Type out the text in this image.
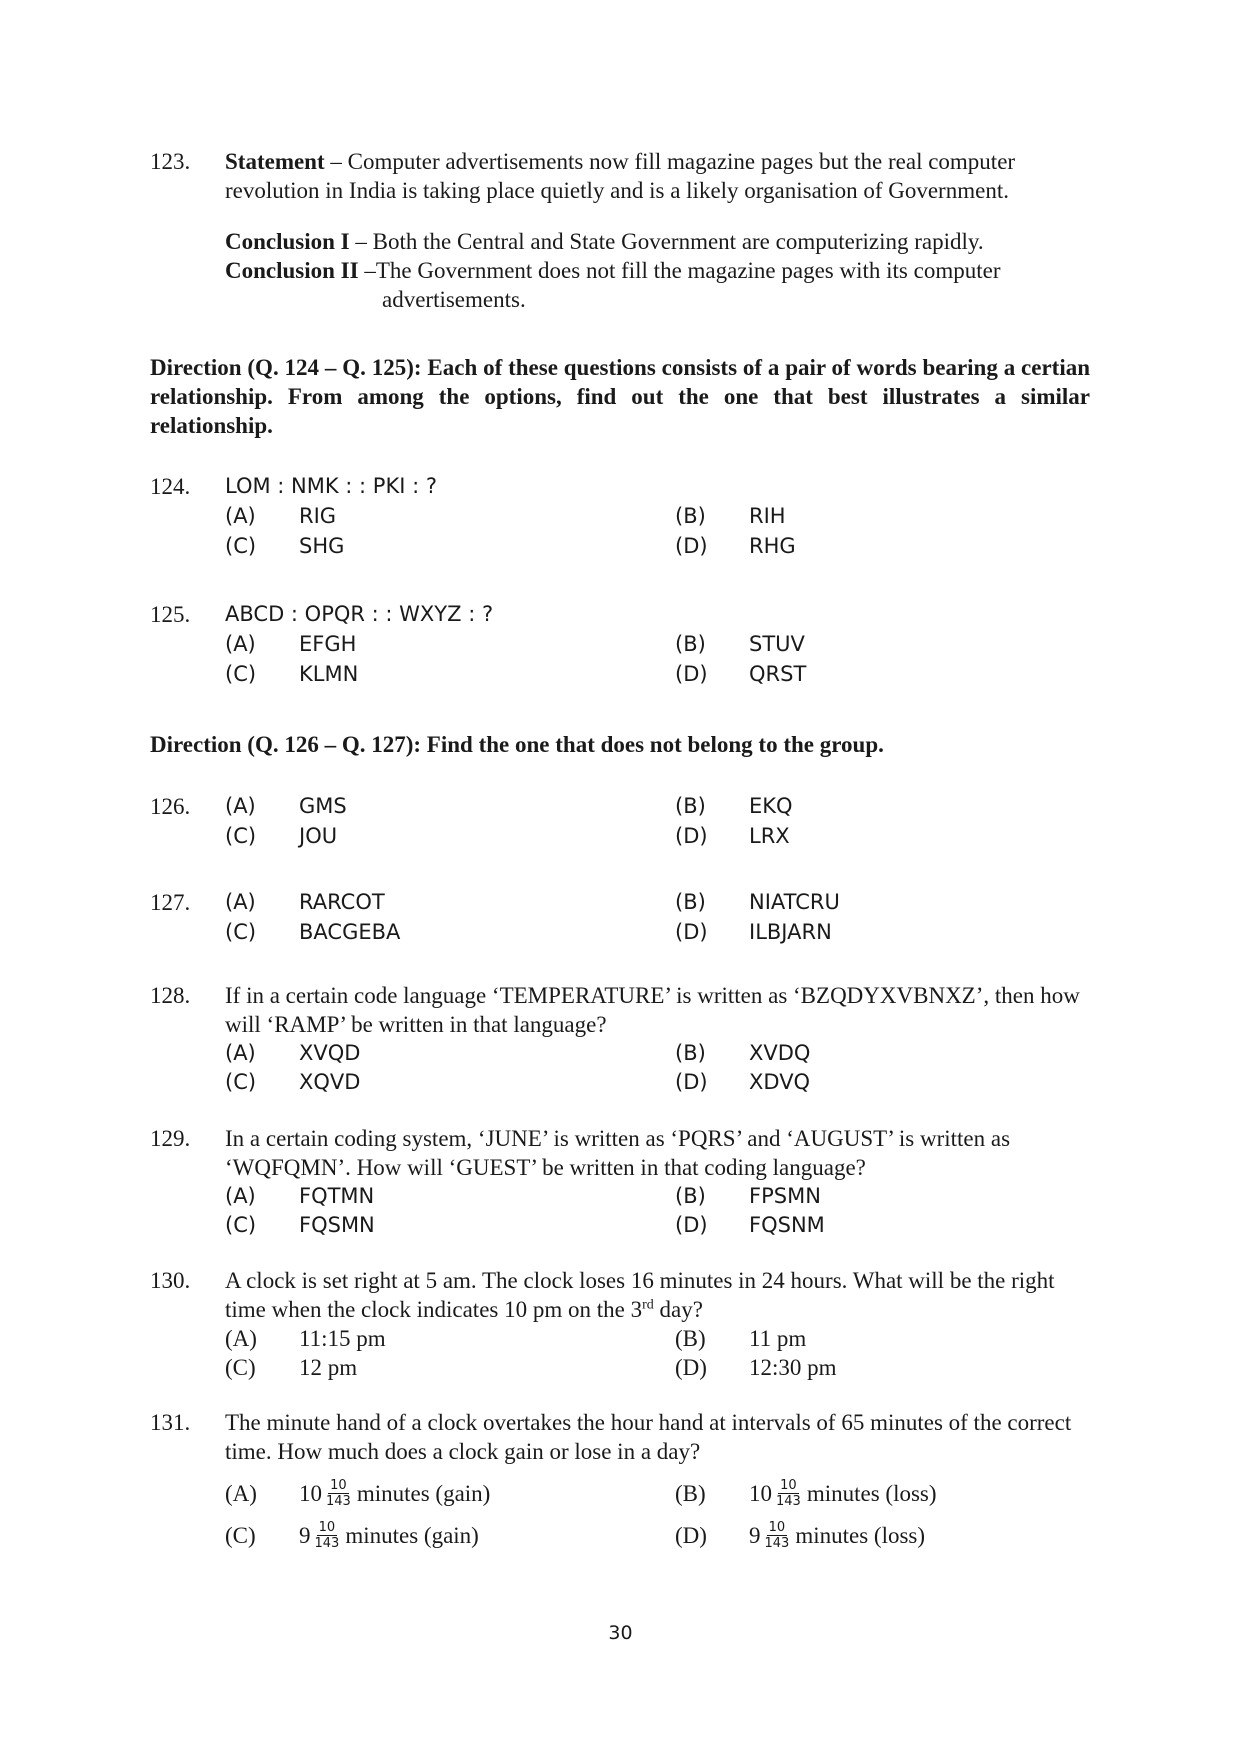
123. Statement – Computer advertisements now fill magazine pages but the real computer revolution in India is taking place quietly and is a likely organisation of Government.
Conclusion I – Both the Central and State Government are computerizing rapidly.
Conclusion II –The Government does not fill the magazine pages with its computer
advertisements.
Direction (Q. 124 – Q. 125): Each of these questions consists of a pair of words bearing a certian relationship. From among the options, find out the one that best illustrates a similar relationship.
124. LOM : NMK : : PKI : ?
(A)	RIG	(B)	RIH
(C)	SHG	(D)	RHG
125. ABCD : OPQR : : WXYZ : ?
(A)	EFGH	(B)	STUV
(C)	KLMN	(D)	QRST
Direction (Q. 126 – Q. 127): Find the one that does not belong to the group.
126. (A)	GMS	(B)	EKQ
(C)	JOU	(D)	LRX
127. (A)	RARCOT	(B)	NIATCRU
(C)	BACGEBA	(D)	ILBJARN
128. If in a certain code language ‘TEMPERATURE’ is written as ‘BZQDYXVBNXZ’, then how will ‘RAMP’ be written in that language?
(A)	XVQD	(B)	XVDQ
(C)	XQVD	(D)	XDVQ
129. In a certain coding system, ‘JUNE’ is written as ‘PQRS’ and ‘AUGUST’ is written as ‘WQFQMN’. How will ‘GUEST’ be written in that coding language?
(A)	FQTMN	(B)	FPSMN
(C)	FQSMN	(D)	FQSNM
130. A clock is set right at 5 am. The clock loses 16 minutes in 24 hours. What will be the right time when the clock indicates 10 pm on the 3rd day?
(A)	11:15 pm	(B)	11 pm
(C)	12 pm	(D)	12:30 pm
131. The minute hand of a clock overtakes the hour hand at intervals of 65 minutes of the correct time. How much does a clock gain or lose in a day?
(A)	$10 \frac{10}{143}$ minutes (gain)	(B)	$10 \frac{10}{143}$ minutes (loss)
(C)	$9 \frac{10}{143}$ minutes (gain)	(D)	$9 \frac{10}{143}$ minutes (loss)
30
